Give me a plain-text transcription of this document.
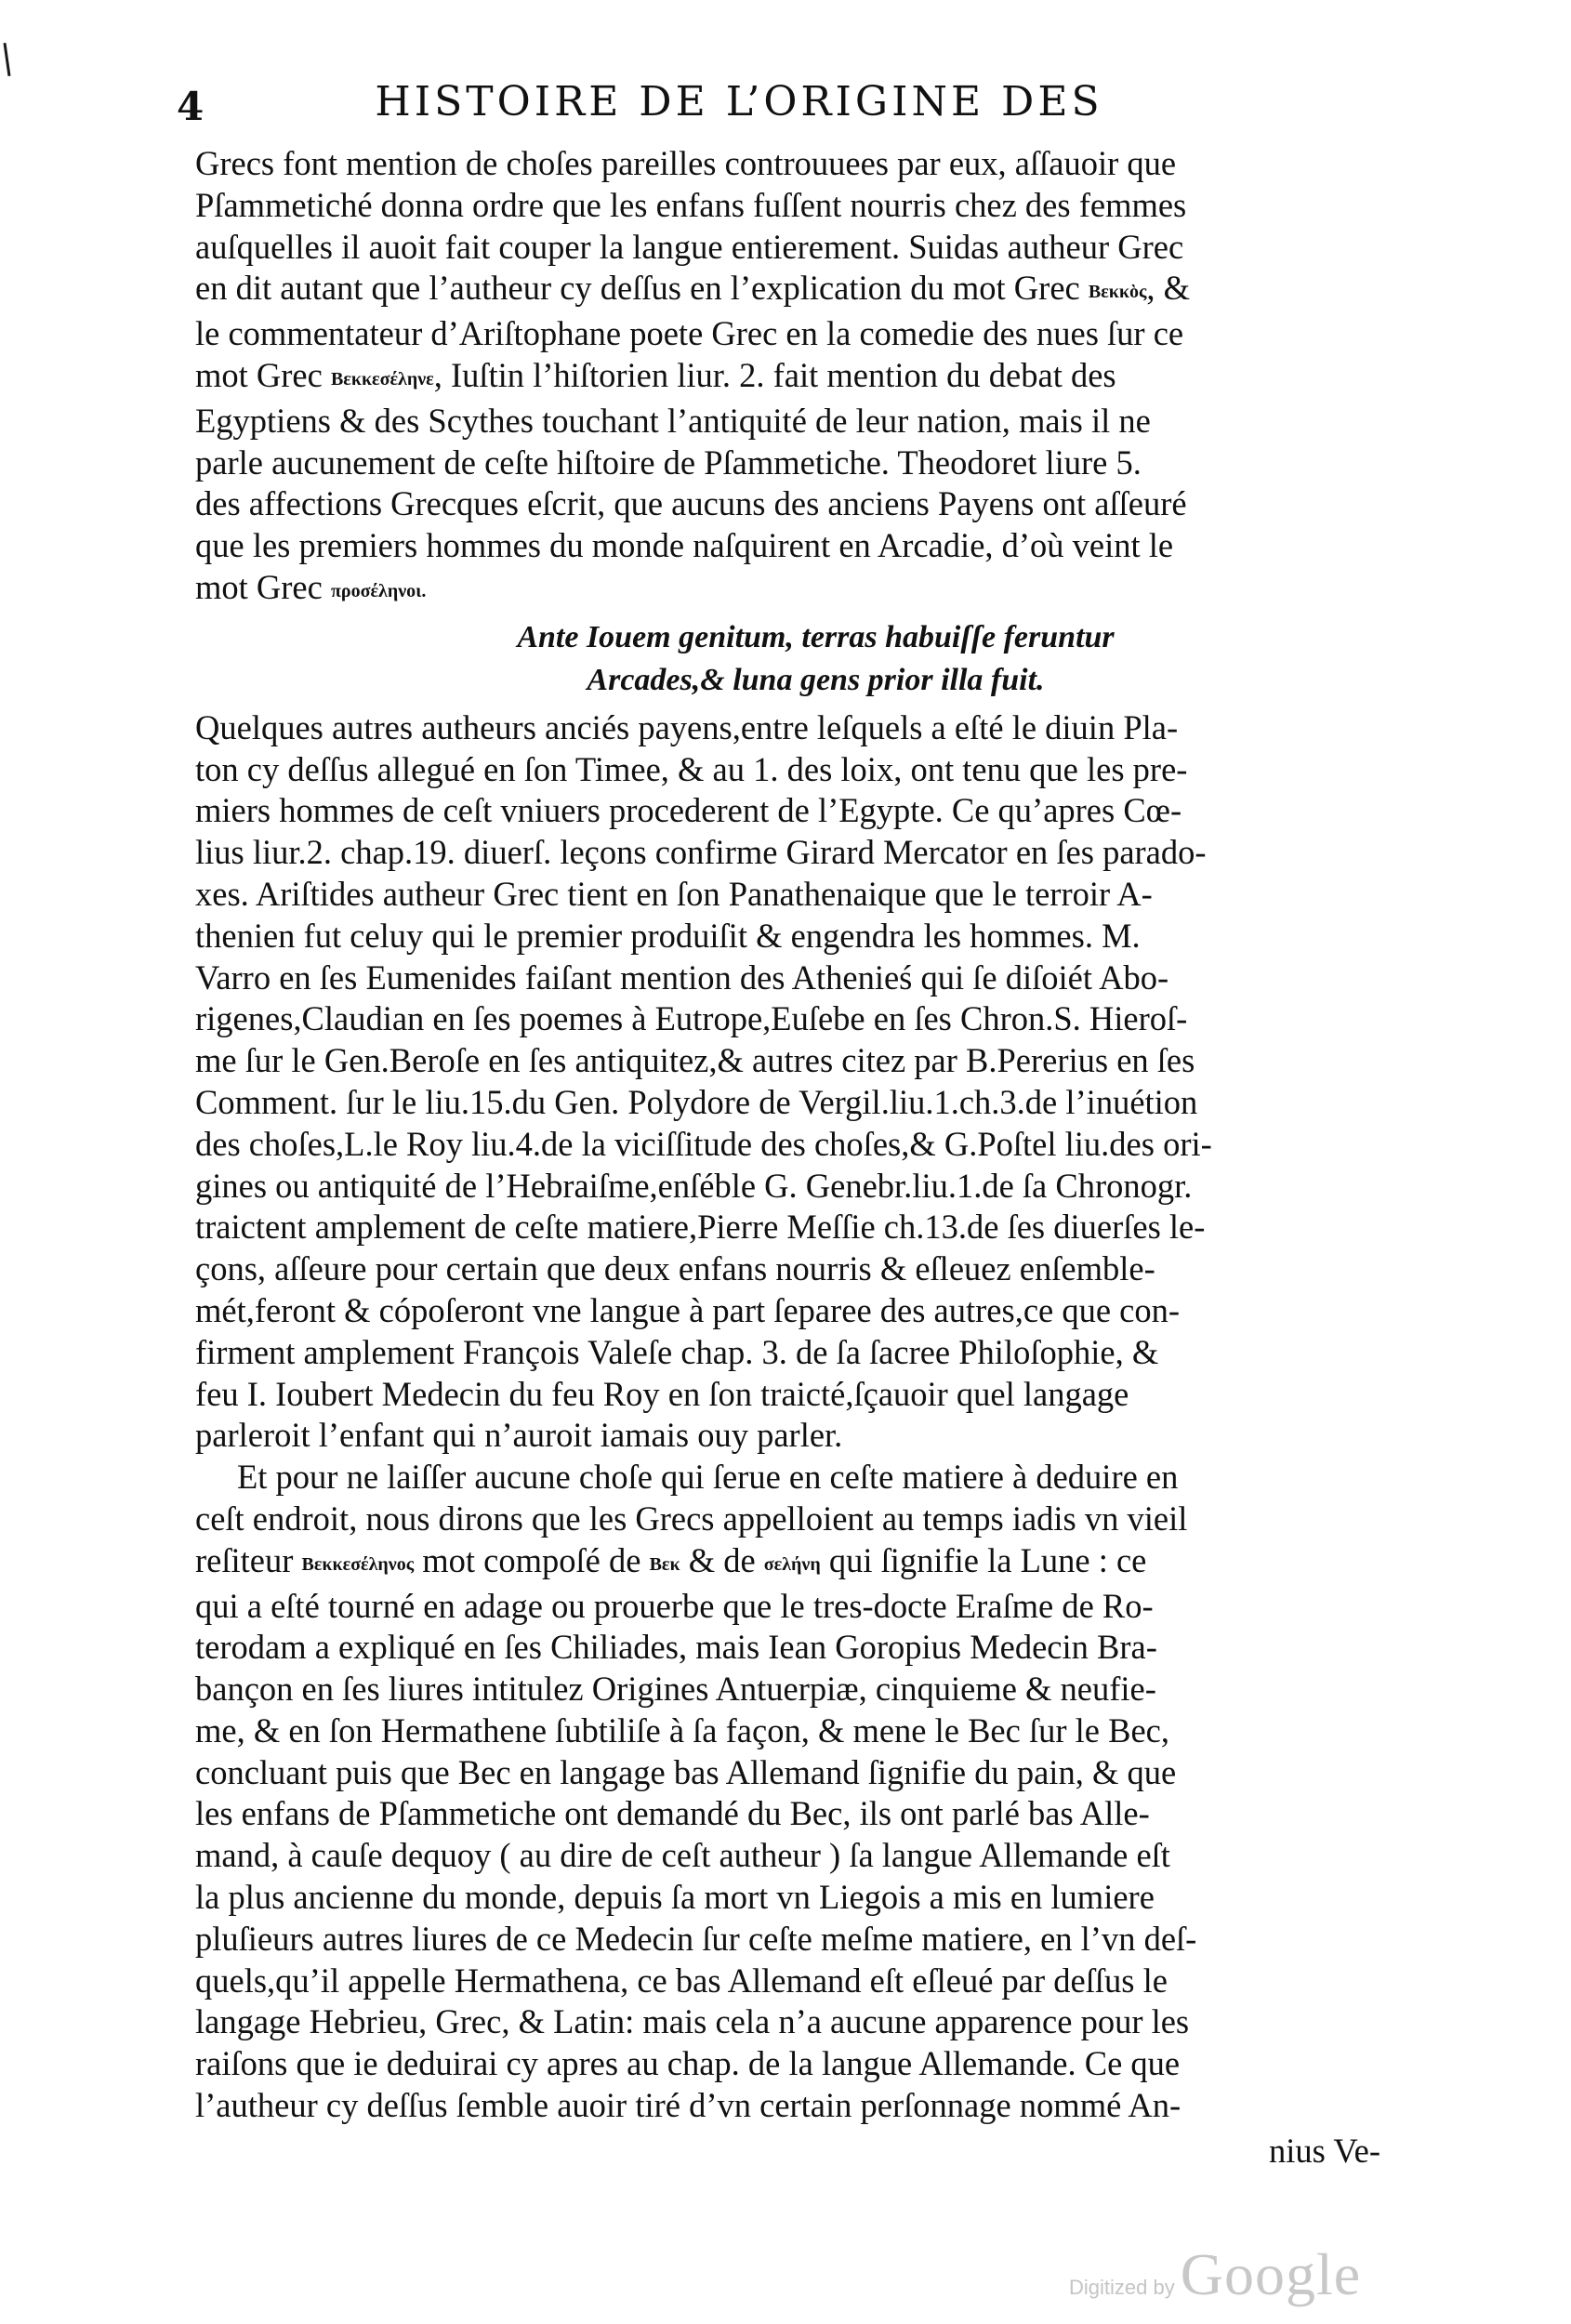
4	HISTOIRE DE L’ORIGINE DES
Grecs font mention de choſes pareilles controuuees par eux, aſſauoir que
Pſammetiché donna ordre que les enfans fuſſent nourris chez des femmes
auſquelles il auoit fait couper la langue entierement. Suidas autheur Grec
en dit autant que l’autheur cy deſſus en l’explication du mot Grec Βεκκὸς, &
le commentateur d’Ariſtophane poete Grec en la comedie des nues ſur ce
mot Grec Βεκκεσέληνε, Iuſtin l’hiſtorien liur. 2. fait mention du debat des
Egyptiens & des Scythes touchant l’antiquité de leur nation, mais il ne
parle aucunement de ceſte hiſtoire de Pſammetiche. Theodoret liure 5.
des affections Grecques eſcrit, que aucuns des anciens Payens ont aſſeuré
que les premiers hommes du monde naſquirent en Arcadie, d’où veint le
mot Grec προσέληνοι.
Ante Iouem genitum, terras habuiſſe feruntur
Arcades,& luna gens prior illa fuit.
Quelques autres autheurs anciés payens,entre leſquels a eſté le diuin Pla-
ton cy deſſus allegué en ſon Timee, & au 1. des loix, ont tenu que les pre-
miers hommes de ceſt vniuers procederent de l’Egypte. Ce qu’apres Cœ-
lius liur.2. chap.19. diuerſ. leçons confirme Girard Mercator en ſes parado-
xes. Ariſtides autheur Grec tient en ſon Panathenaique que le terroir A-
thenien fut celuy qui le premier produiſit & engendra les hommes. M.
Varro en ſes Eumenides faiſant mention des Athenieś qui ſe diſoiét Abo-
rigenes,Claudian en ſes poemes à Eutrope,Euſebe en ſes Chron.S. Hieroſ-
me ſur le Gen.Beroſe en ſes antiquitez,& autres citez par B.Pererius en ſes
Comment. ſur le liu.15.du Gen. Polydore de Vergil.liu.1.ch.3.de l’inuétion
des choſes,L.le Roy liu.4.de la viciſſitude des choſes,& G.Poſtel liu.des ori-
gines ou antiquité de l’Hebraiſme,enſéble G. Genebr.liu.1.de ſa Chronogr.
traictent amplement de ceſte matiere,Pierre Meſſie ch.13.de ſes diuerſes le-
çons, aſſeure pour certain que deux enfans nourris & eſleuez enſemble-
mét,feront & cópoſeront vne langue à part ſeparee des autres,ce que con-
firment amplement François Valeſe chap. 3. de ſa ſacree Philoſophie, &
feu I. Ioubert Medecin du feu Roy en ſon traicté,ſçauoir quel langage
parleroit l’enfant qui n’auroit iamais ouy parler.
Et pour ne laiſſer aucune choſe qui ſerue en ceſte matiere à deduire en
ceſt endroit, nous dirons que les Grecs appelloient au temps iadis vn vieil
reſiteur Βεκκεσέληνος mot compoſé de Βεκ & de σελήνη qui ſignifie la Lune : ce
qui a eſté tourné en adage ou prouerbe que le tres-docte Eraſme de Ro-
terodam a expliqué en ſes Chiliades, mais Iean Goropius Medecin Bra-
bançon en ſes liures intitulez Origines Antuerpiæ, cinquieme & neufie-
me, & en ſon Hermathene ſubtiliſe à ſa façon, & mene le Bec ſur le Bec,
concluant puis que Bec en langage bas Allemand ſignifie du pain, & que
les enfans de Pſammetiche ont demandé du Bec, ils ont parlé bas Alle-
mand, à cauſe dequoy ( au dire de ceſt autheur ) ſa langue Allemande eſt
la plus ancienne du monde, depuis ſa mort vn Liegois a mis en lumiere
pluſieurs autres liures de ce Medecin ſur ceſte meſme matiere, en l’vn deſ-
quels,qu’il appelle Hermathena, ce bas Allemand eſt eſleué par deſſus le
langage Hebrieu, Grec, & Latin: mais cela n’a aucune apparence pour les
raiſons que ie deduirai cy apres au chap. de la langue Allemande. Ce que
l’autheur cy deſſus ſemble auoir tiré d’vn certain perſonnage nommé An-
nius Ve-
Digitized by Google
